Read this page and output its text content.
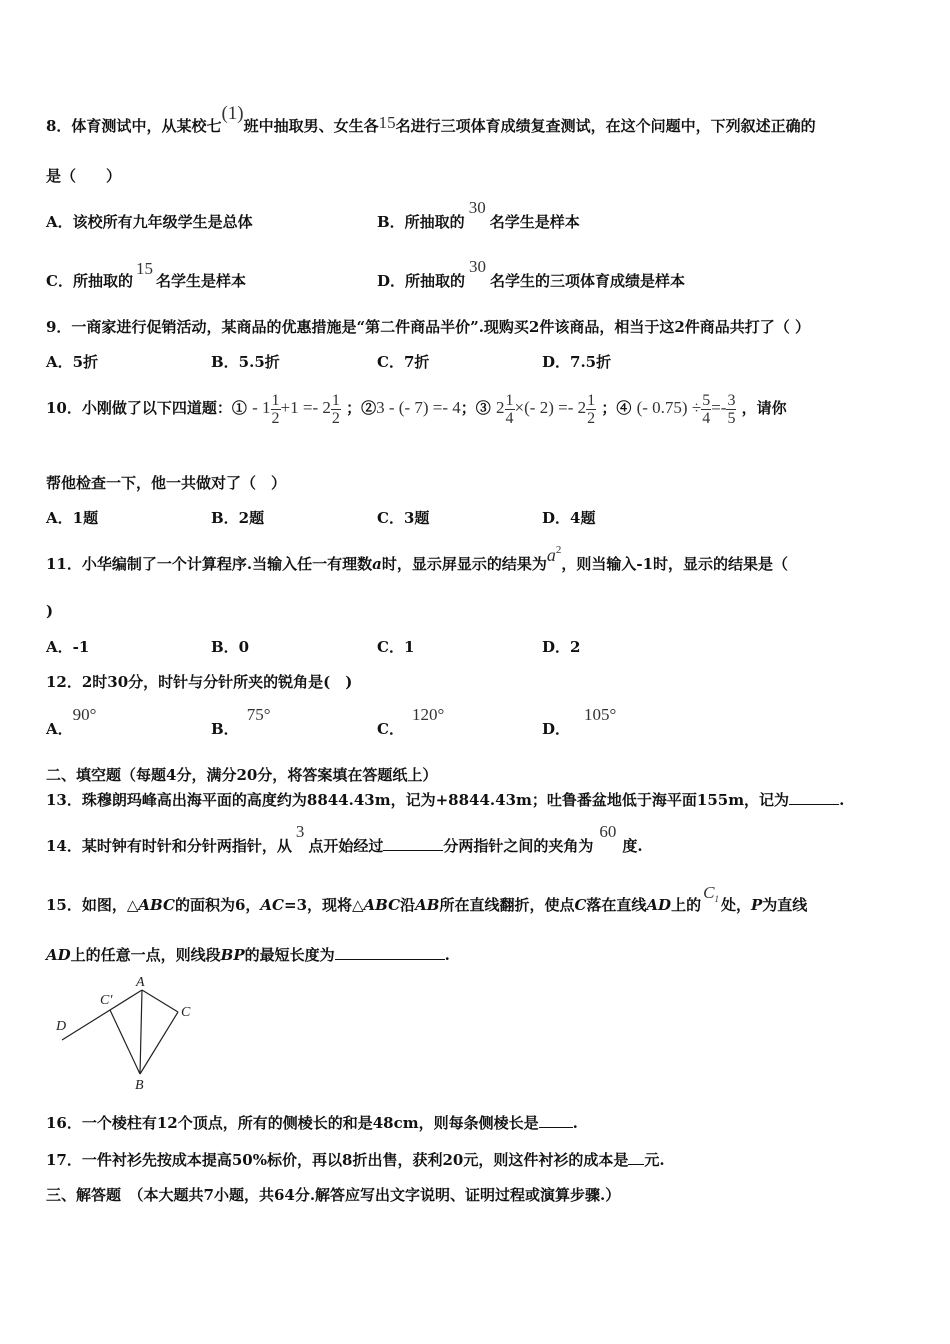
8．体育测试中，从某校七(1)班中抽取男、女生各15名进行三项体育成绩复查测试，在这个问题中，下列叙述正确的
是（　　）
A．该校所有九年级学生是总体	B．所抽取的30名学生是样本
C．所抽取的15名学生是样本	D．所抽取的30名学生的三项体育成绩是样本
9．一商家进行促销活动，某商品的优惠措施是“第二件商品半价”.现购买2件该商品，相当于这2件商品共打了（ ）
A．5折	B．5.5折	C．7折	D．7.5折
10．小刚做了以下四道题：① - $1 \frac{1}{2} +1 =- 2 \frac{1}{2}$ ；②3 - (- 7) =- 4；③ $2 \frac{1}{4}$ ×(- $2) =- 2 \frac{1}{2}$ ；④ (- $0.75) \div \frac{5}{4} =- \frac{3}{5}$ ，请你
帮他检查一下，他一共做对了（　）
A．1题	B．2题	C．3题	D．4题
11．小华编制了一个计算程序.当输入任一有理数a时，显示屏显示的结果为$a^2$，则当输入-1时，显示的结果是（
)
A．-1	B．0	C．1	D．2
12．2时30分，时针与分针所夹的锐角是(　)
A．90°
B．75°
C．120°
D．105°
二、填空题（每题4分，满分20分，将答案填在答题纸上）
13．珠穆朗玛峰高出海平面的高度约为8844.43m，记为+8844.43m；吐鲁番盆地低于海平面155m，记为	.
14．某时钟有时针和分针两指针，从3点开始经过	分两指针之间的夹角为60度.
15．如图，△ABC的面积为6，AC=3，现将△ABC沿AB所在直线翻折，使点C落在直线AD上的$C_1$ 处，P为直线
AD上的任意一点，则线段BP的最短长度为	.
A
C′
C
D
B
16．一个棱柱有12个顶点，所有的侧棱长的和是48cm，则每条侧棱长是 .
17．一件衬衫先按成本提高50%标价，再以8折出售，获利20元，则这件衬衫的成本是 元.
三、解答题　（本大题共7小题，共64分.解答应写出文字说明、证明过程或演算步骤.）
